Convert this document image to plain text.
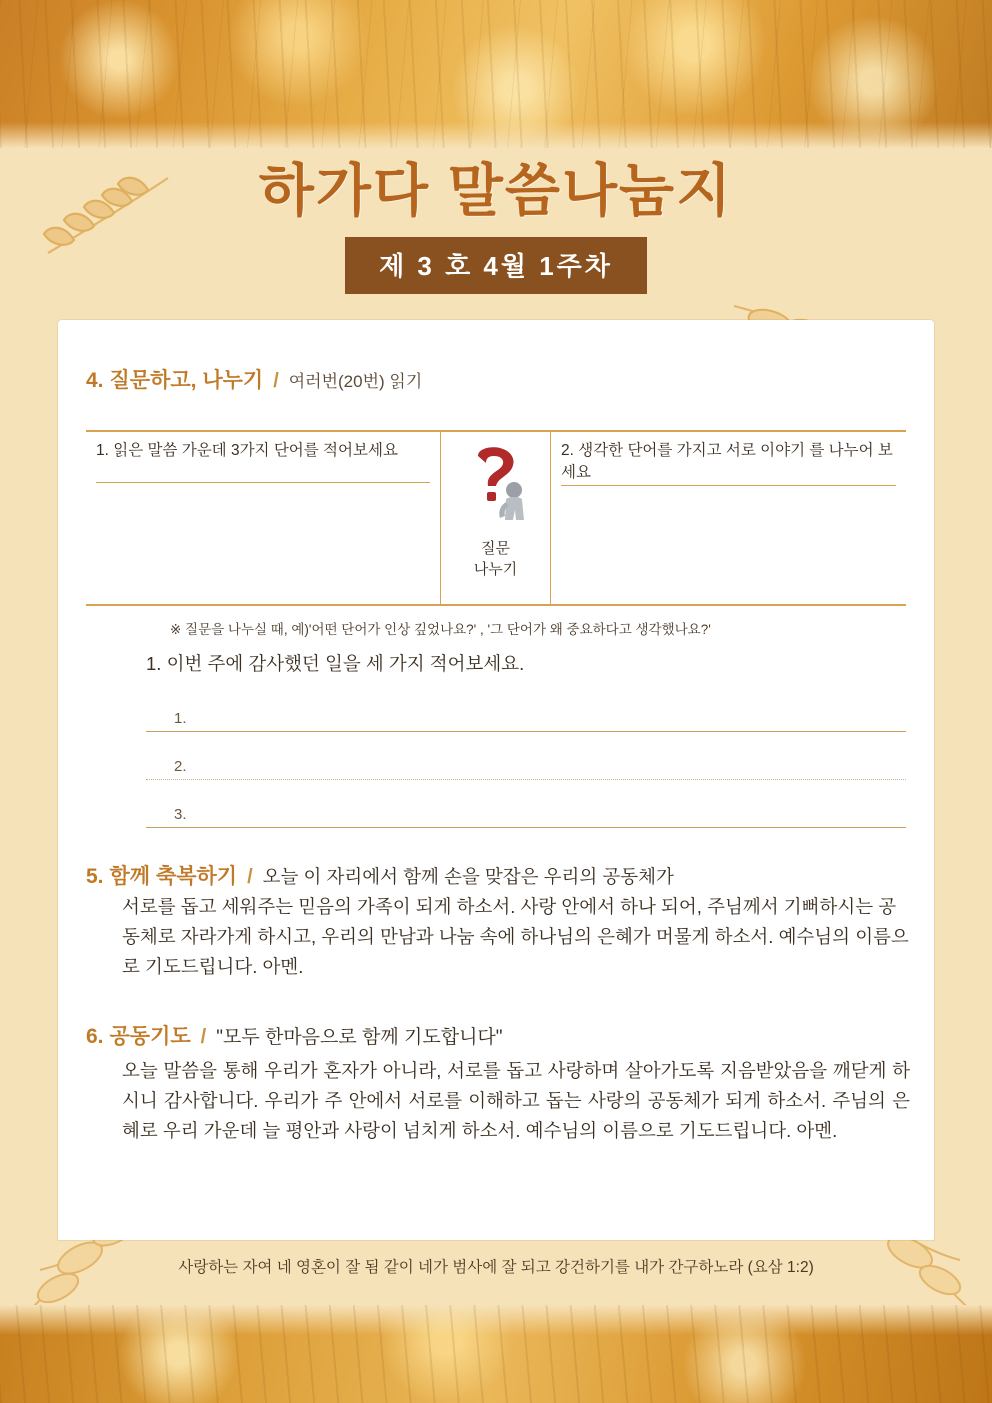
하가다 말씀나눔지
제 3 호 4월 1주차
4. 질문하고, 나누기 / 여러번(20번) 읽기
1. 읽은 말씀 가운데 3가지 단어를 적어보세요
질문
나누기
2. 생각한 단어를 가지고 서로 이야기 를 나누어 보세요
※ 질문을 나누실 때, 예)'어떤 단어가 인상 깊었나요?' , '그 단어가 왜 중요하다고 생각했나요?'
1. 이번 주에 감사했던 일을 세 가지 적어보세요.
1.
2.
3.
5. 함께 축복하기 / 오늘 이 자리에서 함께 손을 맞잡은 우리의 공동체가

서로를 돕고 세워주는 믿음의 가족이 되게 하소서. 사랑 안에서 하나 되어, 주님께서 기뻐하시는 공동체로 자라가게 하시고, 우리의 만남과 나눔 속에 하나님의 은혜가 머물게 하소서. 예수님의 이름으로 기도드립니다. 아멘.

6. 공동기도 / "모두 한마음으로 함께 기도합니다"

오늘 말씀을 통해 우리가 혼자가 아니라, 서로를 돕고 사랑하며 살아가도록 지음받았음을 깨닫게 하시니 감사합니다. 우리가 주 안에서 서로를 이해하고 돕는 사랑의 공동체가 되게 하소서. 주님의 은혜로 우리 가운데 늘 평안과 사랑이 넘치게 하소서. 예수님의 이름으로 기도드립니다. 아멘.

사랑하는 자여 네 영혼이 잘 됨 같이 네가 범사에 잘 되고 강건하기를 내가 간구하노라 (요삼 1:2)
